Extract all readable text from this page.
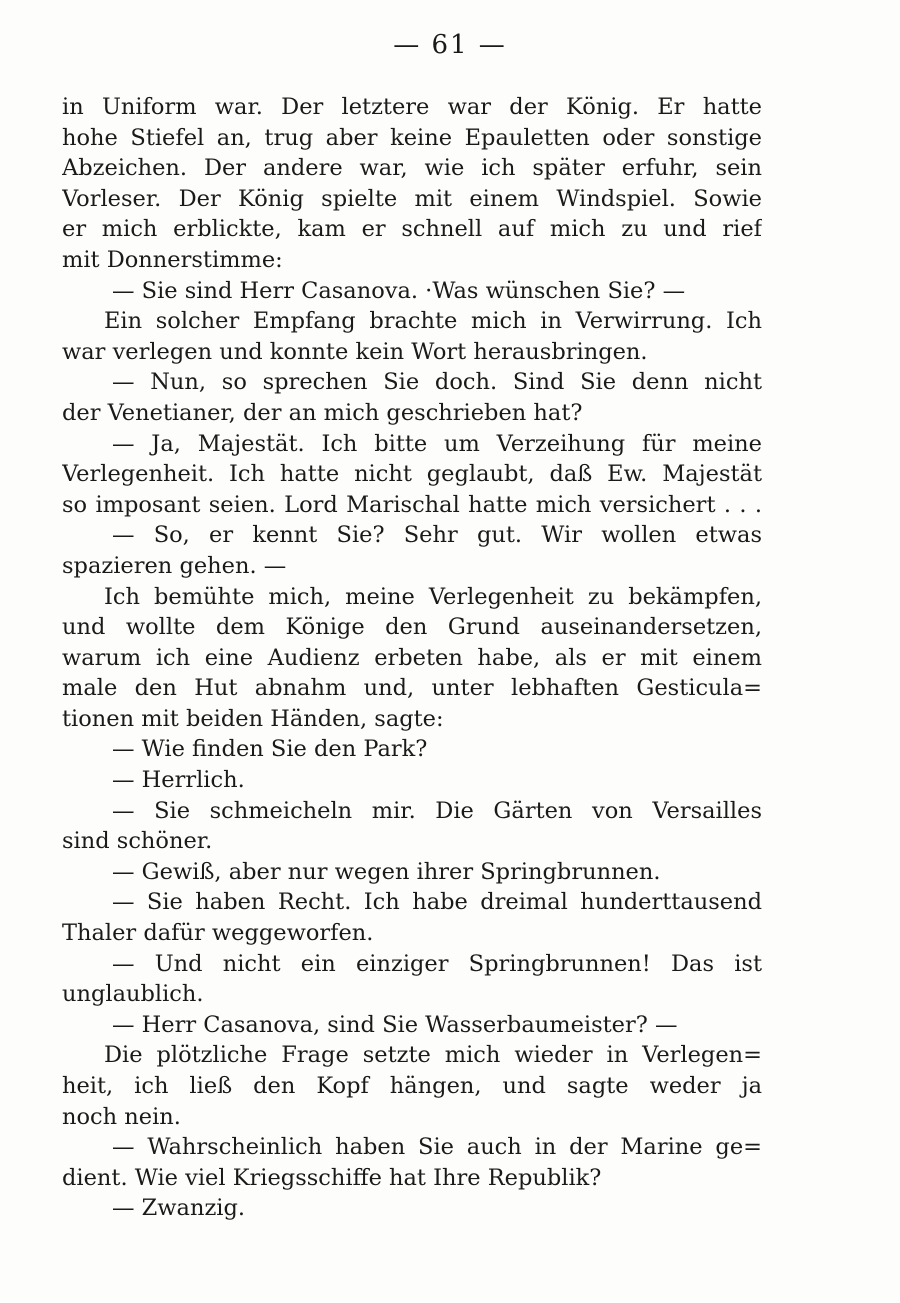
— 61 —
in Uniform war. Der letztere war der König. Er hatte
hohe Stiefel an, trug aber keine Epauletten oder sonstige
Abzeichen. Der andere war, wie ich später erfuhr, sein
Vorleser. Der König spielte mit einem Windspiel. Sowie
er mich erblickte, kam er schnell auf mich zu und rief
mit Donnerstimme:
— Sie sind Herr Casanova. ·Was wünschen Sie? —
Ein solcher Empfang brachte mich in Verwirrung. Ich
war verlegen und konnte kein Wort herausbringen.
— Nun, so sprechen Sie doch. Sind Sie denn nicht
der Venetianer, der an mich geschrieben hat?
— Ja, Majestät. Ich bitte um Verzeihung für meine
Verlegenheit. Ich hatte nicht geglaubt, daß Ew. Majestät
so imposant seien. Lord Marischal hatte mich versichert . . .
— So, er kennt Sie? Sehr gut. Wir wollen etwas
spazieren gehen. —
Ich bemühte mich, meine Verlegenheit zu bekämpfen,
und wollte dem Könige den Grund auseinandersetzen,
warum ich eine Audienz erbeten habe, als er mit einem
male den Hut abnahm und, unter lebhaften Gesticula=
tionen mit beiden Händen, sagte:
— Wie finden Sie den Park?
— Herrlich.
— Sie schmeicheln mir. Die Gärten von Versailles
sind schöner.
— Gewiß, aber nur wegen ihrer Springbrunnen.
— Sie haben Recht. Ich habe dreimal hunderttausend
Thaler dafür weggeworfen.
— Und nicht ein einziger Springbrunnen! Das ist
unglaublich.
— Herr Casanova, sind Sie Wasserbaumeister? —
Die plötzliche Frage setzte mich wieder in Verlegen=
heit, ich ließ den Kopf hängen, und sagte weder ja
noch nein.
— Wahrscheinlich haben Sie auch in der Marine ge=
dient. Wie viel Kriegsschiffe hat Ihre Republik?
— Zwanzig.
